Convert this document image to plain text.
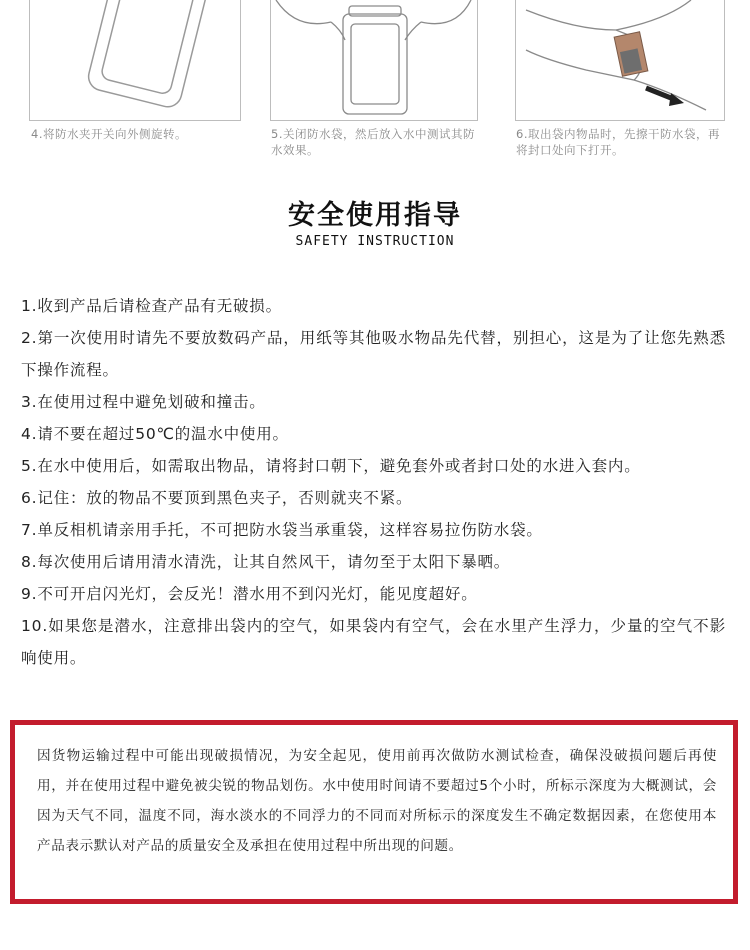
4.将防水夹开关向外侧旋转。	5.关闭防水袋，然后放入水中测试其防水效果。
6.取出袋内物品时，先擦干防水袋，再将封口处向下打开。
安全使用指导
SAFETY INSTRUCTION

1.收到产品后请检查产品有无破损。

2.第一次使用时请先不要放数码产品，用纸等其他吸水物品先代替，别担心，这是为了让您先熟悉下操作流程。

3.在使用过程中避免划破和撞击。

4.请不要在超过50℃的温水中使用。

5.在水中使用后，如需取出物品，请将封口朝下，避免套外或者封口处的水进入套内。

6.记住：放的物品不要顶到黑色夹子，否则就夹不紧。

7.单反相机请亲用手托，不可把防水袋当承重袋，这样容易拉伤防水袋。

8.每次使用后请用清水清洗，让其自然风干，请勿至于太阳下暴晒。

9.不可开启闪光灯，会反光！潜水用不到闪光灯，能见度超好。

10.如果您是潜水，注意排出袋内的空气，如果袋内有空气，会在水里产生浮力，少量的空气不影响使用。

因货物运输过程中可能出现破损情况，为安全起见，使用前再次做防水测试检查，确保没破损问题后再使用，并在使用过程中避免被尖锐的物品划伤。水中使用时间请不要超过5个小时，所标示深度为大概测试，会因为天气不同，温度不同，海水淡水的不同浮力的不同而对所标示的深度发生不确定数据因素，在您使用本产品表示默认对产品的质量安全及承担在使用过程中所出现的问题。
